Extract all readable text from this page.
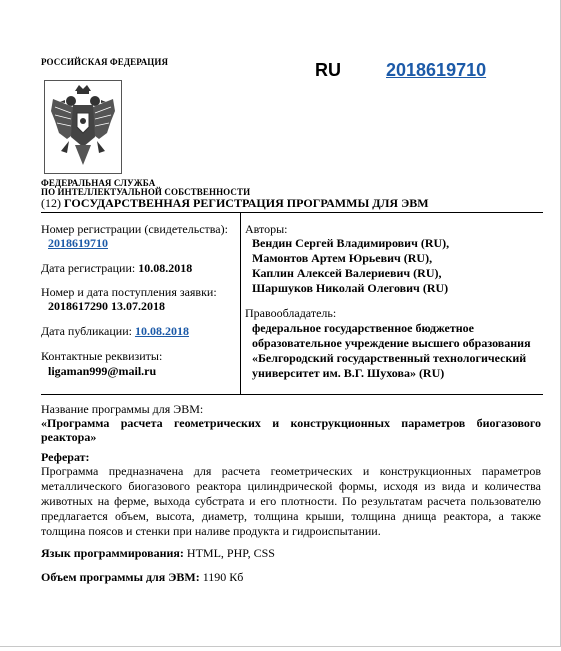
РОССИЙСКАЯ ФЕДЕРАЦИЯ	RU	2018619710
ФЕДЕРАЛЬНАЯ СЛУЖБА
ПО ИНТЕЛЛЕКТУАЛЬНОЙ СОБСТВЕННОСТИ
(12) ГОСУДАРСТВЕННАЯ РЕГИСТРАЦИЯ ПРОГРАММЫ ДЛЯ ЭВМ
Номер регистрации (свидетельства):
2018619710
Дата регистрации: 10.08.2018
Номер и дата поступления заявки:
2018617290 13.07.2018
Дата публикации: 10.08.2018
Контактные реквизиты:
ligaman999@mail.ru
Авторы:
Вендин Сергей Владимирович (RU),
Мамонтов Артем Юрьевич (RU),
Каплин Алексей Валериевич (RU),
Шаршуков Николай Олегович (RU)
Правообладатель:
федеральное государственное бюджетное
образовательное учреждение высшего образования
«Белгородский государственный технологический
университет им. В.Г. Шухова» (RU)
Название программы для ЭВМ:
«Программа расчета геометрических и конструкционных параметров биогазового реактора»
Реферат:
Программа предназначена для расчета геометрических и конструкционных параметров металлического биогазового реактора цилиндрической формы, исходя из вида и количества животных на ферме, выхода субстрата и его плотности. По результатам расчета пользователю предлагается объем, высота, диаметр, толщина крыши, толщина днища реактора, а также толщина поясов и стенки при наливе продукта и гидроиспытании.
Язык программирования: HTML, PHP, CSS
Объем программы для ЭВМ: 1190 Кб
